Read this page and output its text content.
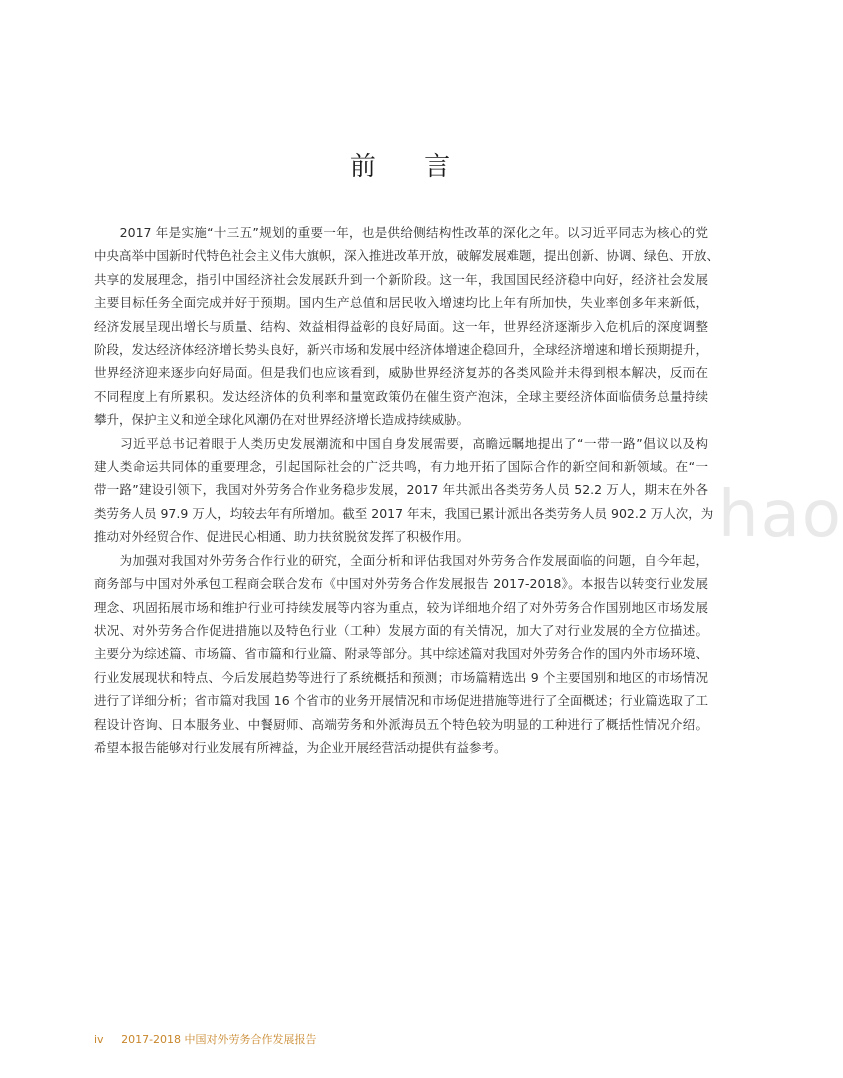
前 言
hao

　　2017 年是实施“十三五”规划的重要一年，也是供给侧结构性改革的深化之年。以习近平同志为核心的党
中央高举中国新时代特色社会主义伟大旗帜，深入推进改革开放，破解发展难题，提出创新、协调、绿色、开放、
共享的发展理念，指引中国经济社会发展跃升到一个新阶段。这一年，我国国民经济稳中向好，经济社会发展
主要目标任务全面完成并好于预期。国内生产总值和居民收入增速均比上年有所加快，失业率创多年来新低，
经济发展呈现出增长与质量、结构、效益相得益彰的良好局面。这一年，世界经济逐渐步入危机后的深度调整
阶段，发达经济体经济增长势头良好，新兴市场和发展中经济体增速企稳回升，全球经济增速和增长预期提升，
世界经济迎来逐步向好局面。但是我们也应该看到，威胁世界经济复苏的各类风险并未得到根本解决，反而在
不同程度上有所累积。发达经济体的负利率和量宽政策仍在催生资产泡沫，全球主要经济体面临债务总量持续
攀升，保护主义和逆全球化风潮仍在对世界经济增长造成持续威胁。

　　习近平总书记着眼于人类历史发展潮流和中国自身发展需要，高瞻远瞩地提出了“一带一路”倡议以及构
建人类命运共同体的重要理念，引起国际社会的广泛共鸣，有力地开拓了国际合作的新空间和新领域。在“一
带一路”建设引领下，我国对外劳务合作业务稳步发展，2017 年共派出各类劳务人员 52.2 万人，期末在外各
类劳务人员 97.9 万人，均较去年有所增加。截至 2017 年末，我国已累计派出各类劳务人员 902.2 万人次，为
推动对外经贸合作、促进民心相通、助力扶贫脱贫发挥了积极作用。

　　为加强对我国对外劳务合作行业的研究，全面分析和评估我国对外劳务合作发展面临的问题，自今年起，
商务部与中国对外承包工程商会联合发布《中国对外劳务合作发展报告 2017-2018》。本报告以转变行业发展
理念、巩固拓展市场和维护行业可持续发展等内容为重点，较为详细地介绍了对外劳务合作国别地区市场发展
状况、对外劳务合作促进措施以及特色行业（工种）发展方面的有关情况，加大了对行业发展的全方位描述。
主要分为综述篇、市场篇、省市篇和行业篇、附录等部分。其中综述篇对我国对外劳务合作的国内外市场环境、
行业发展现状和特点、今后发展趋势等进行了系统概括和预测；市场篇精选出 9 个主要国别和地区的市场情况
进行了详细分析；省市篇对我国 16 个省市的业务开展情况和市场促进措施等进行了全面概述；行业篇选取了工
程设计咨询、日本服务业、中餐厨师、高端劳务和外派海员五个特色较为明显的工种进行了概括性情况介绍。
希望本报告能够对行业发展有所裨益，为企业开展经营活动提供有益参考。

iv 2017-2018 中国对外劳务合作发展报告
